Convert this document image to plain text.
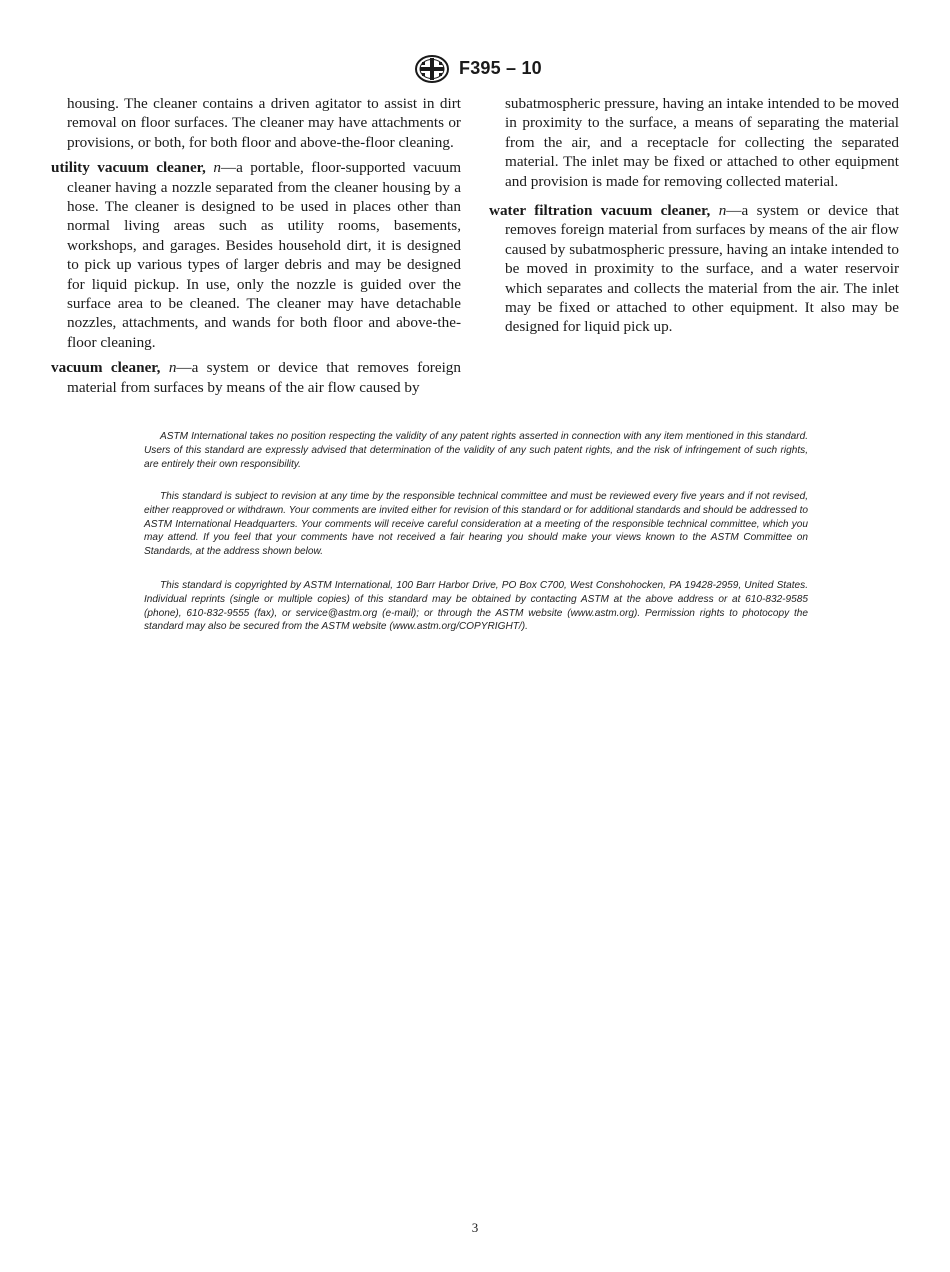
F395 – 10

housing. The cleaner contains a driven agitator to assist in dirt removal on floor surfaces. The cleaner may have attachments or provisions, or both, for both floor and above-the-floor cleaning.

utility vacuum cleaner, n—a portable, floor-supported vacuum cleaner having a nozzle separated from the cleaner housing by a hose. The cleaner is designed to be used in places other than normal living areas such as utility rooms, basements, workshops, and garages. Besides household dirt, it is designed to pick up various types of larger debris and may be designed for liquid pickup. In use, only the nozzle is guided over the surface area to be cleaned. The cleaner may have detachable nozzles, attachments, and wands for both floor and above-the-floor cleaning.

vacuum cleaner, n—a system or device that removes foreign material from surfaces by means of the air flow caused by

subatmospheric pressure, having an intake intended to be moved in proximity to the surface, a means of separating the material from the air, and a receptacle for collecting the separated material. The inlet may be fixed or attached to other equipment and provision is made for removing collected material.

water filtration vacuum cleaner, n—a system or device that removes foreign material from surfaces by means of the air flow caused by subatmospheric pressure, having an intake intended to be moved in proximity to the surface, and a water reservoir which separates and collects the material from the air. The inlet may be fixed or attached to other equipment. It also may be designed for liquid pick up.

ASTM International takes no position respecting the validity of any patent rights asserted in connection with any item mentioned in this standard. Users of this standard are expressly advised that determination of the validity of any such patent rights, and the risk of infringement of such rights, are entirely their own responsibility.

This standard is subject to revision at any time by the responsible technical committee and must be reviewed every five years and if not revised, either reapproved or withdrawn. Your comments are invited either for revision of this standard or for additional standards and should be addressed to ASTM International Headquarters. Your comments will receive careful consideration at a meeting of the responsible technical committee, which you may attend. If you feel that your comments have not received a fair hearing you should make your views known to the ASTM Committee on Standards, at the address shown below.

This standard is copyrighted by ASTM International, 100 Barr Harbor Drive, PO Box C700, West Conshohocken, PA 19428-2959, United States. Individual reprints (single or multiple copies) of this standard may be obtained by contacting ASTM at the above address or at 610-832-9585 (phone), 610-832-9555 (fax), or service@astm.org (e-mail); or through the ASTM website (www.astm.org). Permission rights to photocopy the standard may also be secured from the ASTM website (www.astm.org/COPYRIGHT/).

3
